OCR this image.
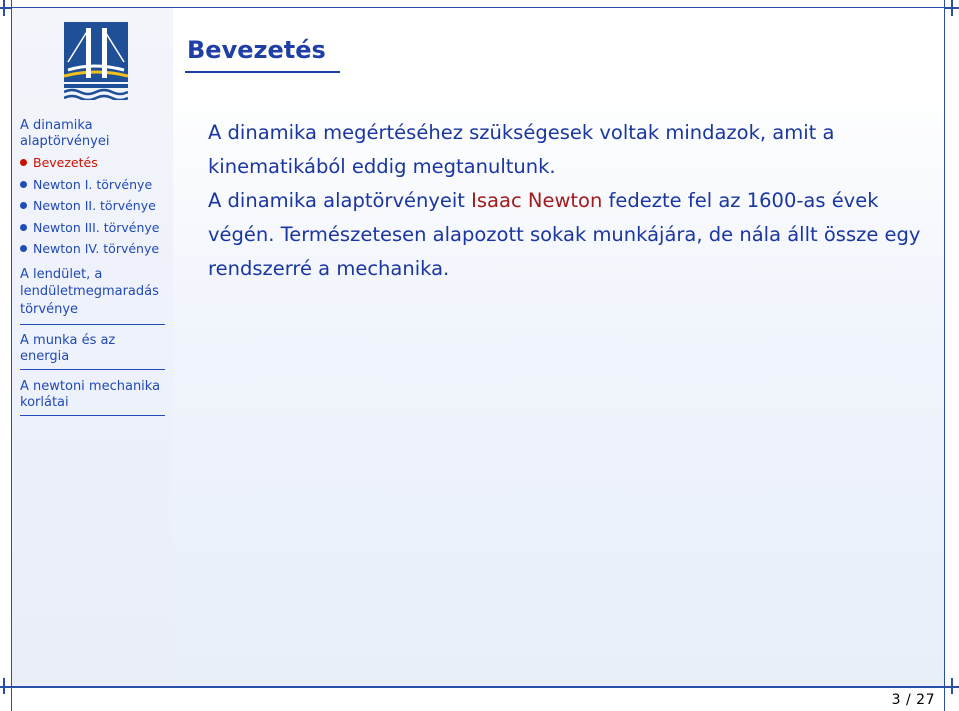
A dinamika alaptörvényei
Bevezetés
Newton I. törvénye
Newton II. törvénye
Newton III. törvénye
Newton IV. törvénye
A lendület, a lendületmegmaradás törvénye
A munka és az energia
A newtoni mechanika korlátai
Bevezetés
A dinamika megértéséhez szükségesek voltak mindazok, amit a kinematikából eddig megtanultunk.
A dinamika alaptörvényeit Isaac Newton fedezte fel az 1600-as évek végén. Természetesen alapozott sokak munkájára, de nála állt össze egy rendszerré a mechanika.
3 / 27
